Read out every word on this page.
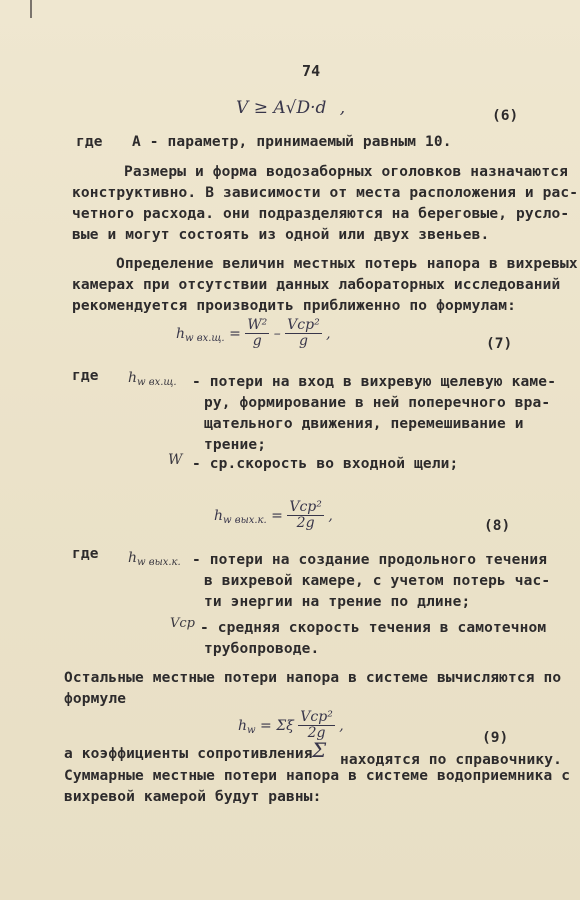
74
V ≥ A√D·d ,	(6)
где A - параметр, принимаемый равным 10.
Размеры и форма водозаборных оголовков назначаются
конструктивно. В зависимости от места расположения и рас-
четного расхода. они подразделяются на береговые, русло-
вые и могут состоять из одной или двух звеньев.
Определение величин местных потерь напора в вихревых
камерах при отсутствии данных лабораторных исследований
рекомендуется производить приближенно по формулам:
$h_{w вх.щ.} = \frac{\text{W²}}{g} - \frac{\text{Vср²}}{g}$ ,
(7)
где $h_{w вх.щ.}$ - потери на вход в вихревую щелевую каме-
ру, формирование в ней поперечного вра-
щательного движения, перемешивание и
трение;
W - ср.скорость во входной щели;
$h_{w вых.к.} = \frac{\text{Vср²}}{2g}$ ,
(8)
где $h_{w вых.к.}$ - потери на создание продольного течения
в вихревой камере, с учетом потерь час-
ти энергии на трение по длине;
Vср - средняя скорость течения в самотечном
трубопроводе.
Остальные местные потери напора в системе вычисляются по
формуле
$h_w = \Sigma\xi \frac{\text{Vср²}}{2g}$ ,
(9)
а коэффициенты сопротивления Σ находятся по справочнику.
Суммарные местные потери напора в системе водоприемника с
вихревой камерой будут равны:
